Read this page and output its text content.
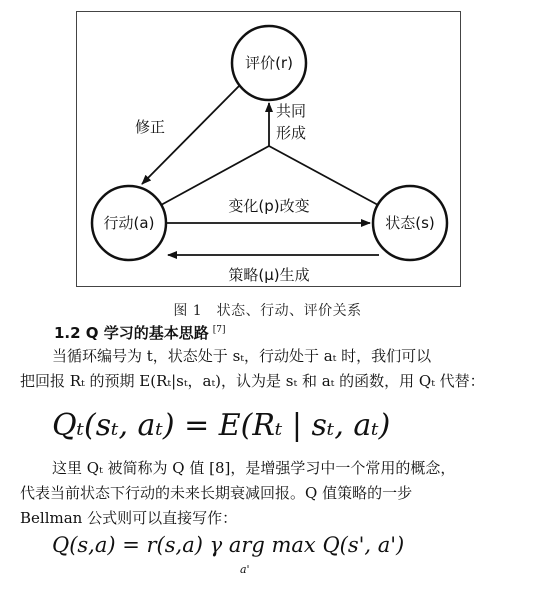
评价(r)
行动(a)	状态(s)
修正
共同
形成
变化(p)改变
策略(μ)生成
图 1　状态、行动、评价关系
1.2 Q 学习的基本思路 [7]
当循环编号为 t，状态处于 sₜ，行动处于 aₜ 时，我们可以
把回报 Rₜ 的预期 E(Rₜ|sₜ，aₜ)，认为是 sₜ 和 aₜ 的函数，用 Qₜ 代替：
Qₜ(sₜ, aₜ) = E(Rₜ | sₜ, aₜ)
这里 Qₜ 被简称为 Q 值 [8]，是增强学习中一个常用的概念，
代表当前状态下行动的未来长期衰减回报。Q 值策略的一步
Bellman 公式则可以直接写作：
Q(s,a) = r(s,a) γ arg max Q(s', a')
a'
